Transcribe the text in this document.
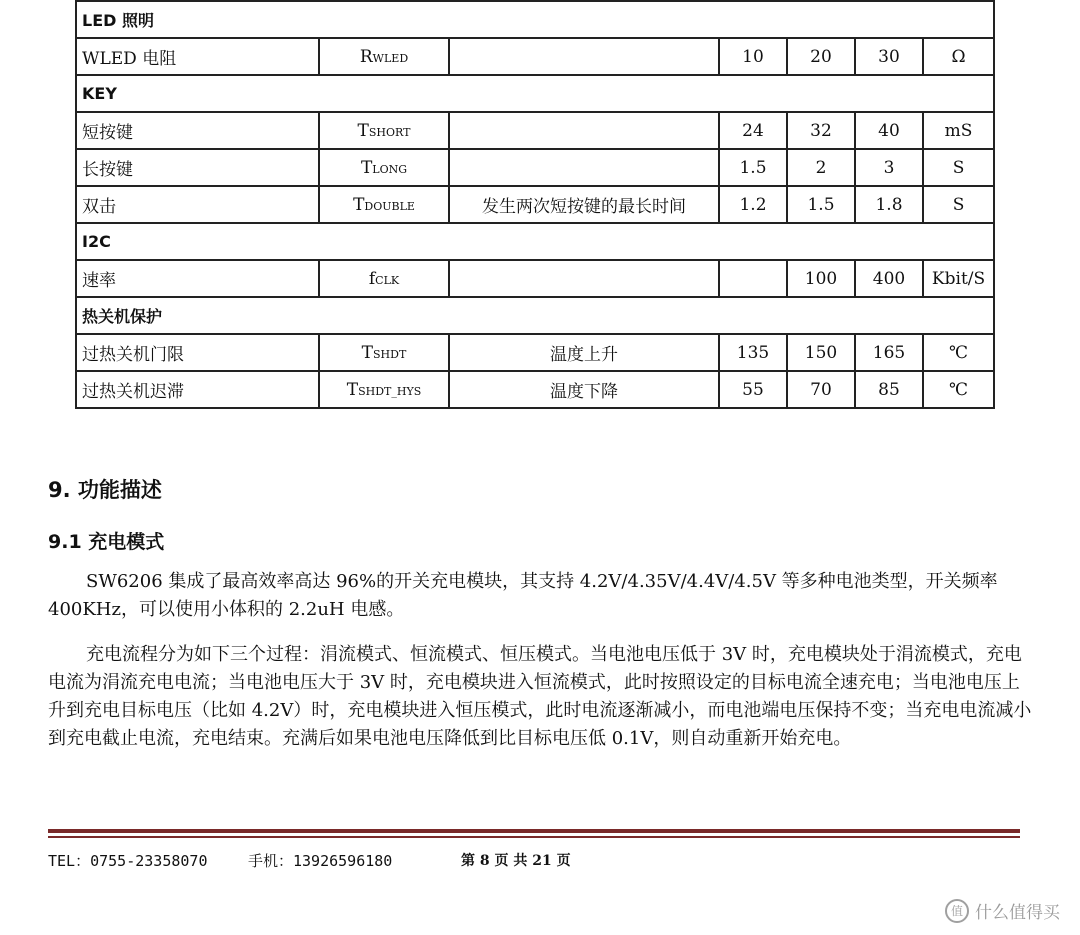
LED 照明						
WLED 电阻	RWLED		10	20	30	Ω
KEY						
短按键	TSHORT		24	32	40	mS
长按键	TLONG		1.5	2	3	S
双击	TDOUBLE	发生两次短按键的最长时间	1.2	1.5	1.8	S
I2C						
速率	fCLK			100	400	Kbit/S
热关机保护						
过热关机门限	TSHDT	温度上升	135	150	165	℃
过热关机迟滞	TSHDT_HYS	温度下降	55	70	85	℃
9. 功能描述
9.1 充电模式

SW6206 集成了最高效率高达 96%的开关充电模块，其支持 4.2V/4.35V/4.4V/4.5V 等多种电池类型，开关频率 400KHz，可以使用小体积的 2.2uH 电感。

充电流程分为如下三个过程：涓流模式、恒流模式、恒压模式。当电池电压低于 3V 时，充电模块处于涓流模式，充电电流为涓流充电电流；当电池电压大于 3V 时，充电模块进入恒流模式，此时按照设定的目标电流全速充电；当电池电压上升到充电目标电压（比如 4.2V）时，充电模块进入恒压模式，此时电流逐渐减小，而电池端电压保持不变；当充电电流减小到充电截止电流，充电结束。充满后如果电池电压降低到比目标电压低 0.1V，则自动重新开始充电。

TEL：0755-23358070	手机：13926596180	第 8 页 共 21 页
值 什么值得买
